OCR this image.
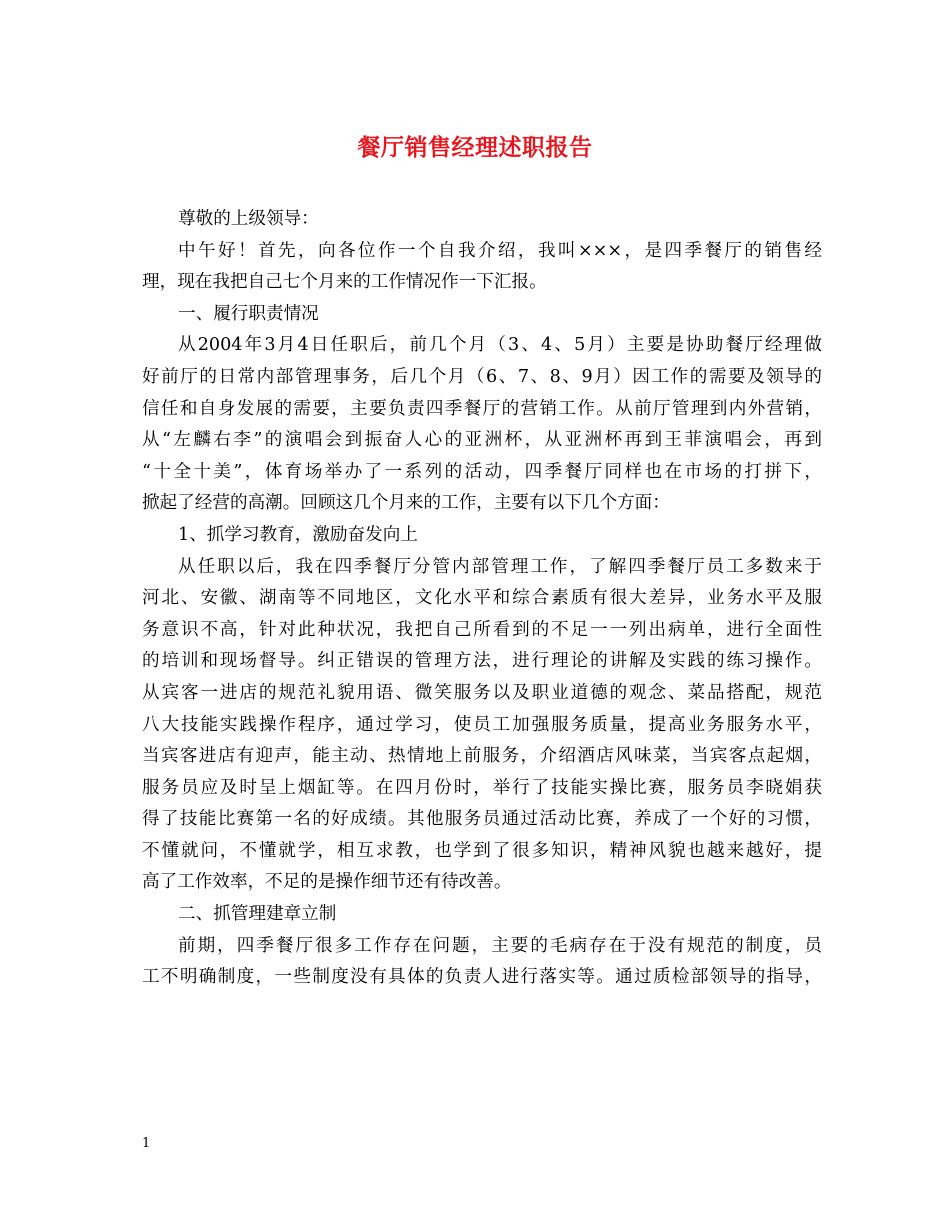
餐厅销售经理述职报告
尊敬的上级领导：
中午好！首先，向各位作一个自我介绍，我叫×××，是四季餐厅的销售经
理，现在我把自己七个月来的工作情况作一下汇报。
一、履行职责情况
从2004年3月4日任职后，前几个月（3、4、5月）主要是协助餐厅经理做
好前厅的日常内部管理事务，后几个月（6、7、8、9月）因工作的需要及领导的
信任和自身发展的需要，主要负责四季餐厅的营销工作。从前厅管理到内外营销，
从“左麟右李”的演唱会到振奋人心的亚洲杯，从亚洲杯再到王菲演唱会，再到
“十全十美”，体育场举办了一系列的活动，四季餐厅同样也在市场的打拼下，
掀起了经营的高潮。回顾这几个月来的工作，主要有以下几个方面：
1、抓学习教育，激励奋发向上
从任职以后，我在四季餐厅分管内部管理工作，了解四季餐厅员工多数来于
河北、安徽、湖南等不同地区，文化水平和综合素质有很大差异，业务水平及服
务意识不高，针对此种状况，我把自己所看到的不足一一列出病单，进行全面性
的培训和现场督导。纠正错误的管理方法，进行理论的讲解及实践的练习操作。
从宾客一进店的规范礼貌用语、微笑服务以及职业道德的观念、菜品搭配，规范
八大技能实践操作程序，通过学习，使员工加强服务质量，提高业务服务水平，
当宾客进店有迎声，能主动、热情地上前服务，介绍酒店风味菜，当宾客点起烟，
服务员应及时呈上烟缸等。在四月份时，举行了技能实操比赛，服务员李晓娟获
得了技能比赛第一名的好成绩。其他服务员通过活动比赛，养成了一个好的习惯，
不懂就问，不懂就学，相互求教，也学到了很多知识，精神风貌也越来越好，提
高了工作效率，不足的是操作细节还有待改善。
二、抓管理建章立制
前期，四季餐厅很多工作存在问题，主要的毛病存在于没有规范的制度，员
工不明确制度，一些制度没有具体的负责人进行落实等。通过质检部领导的指导，
1
